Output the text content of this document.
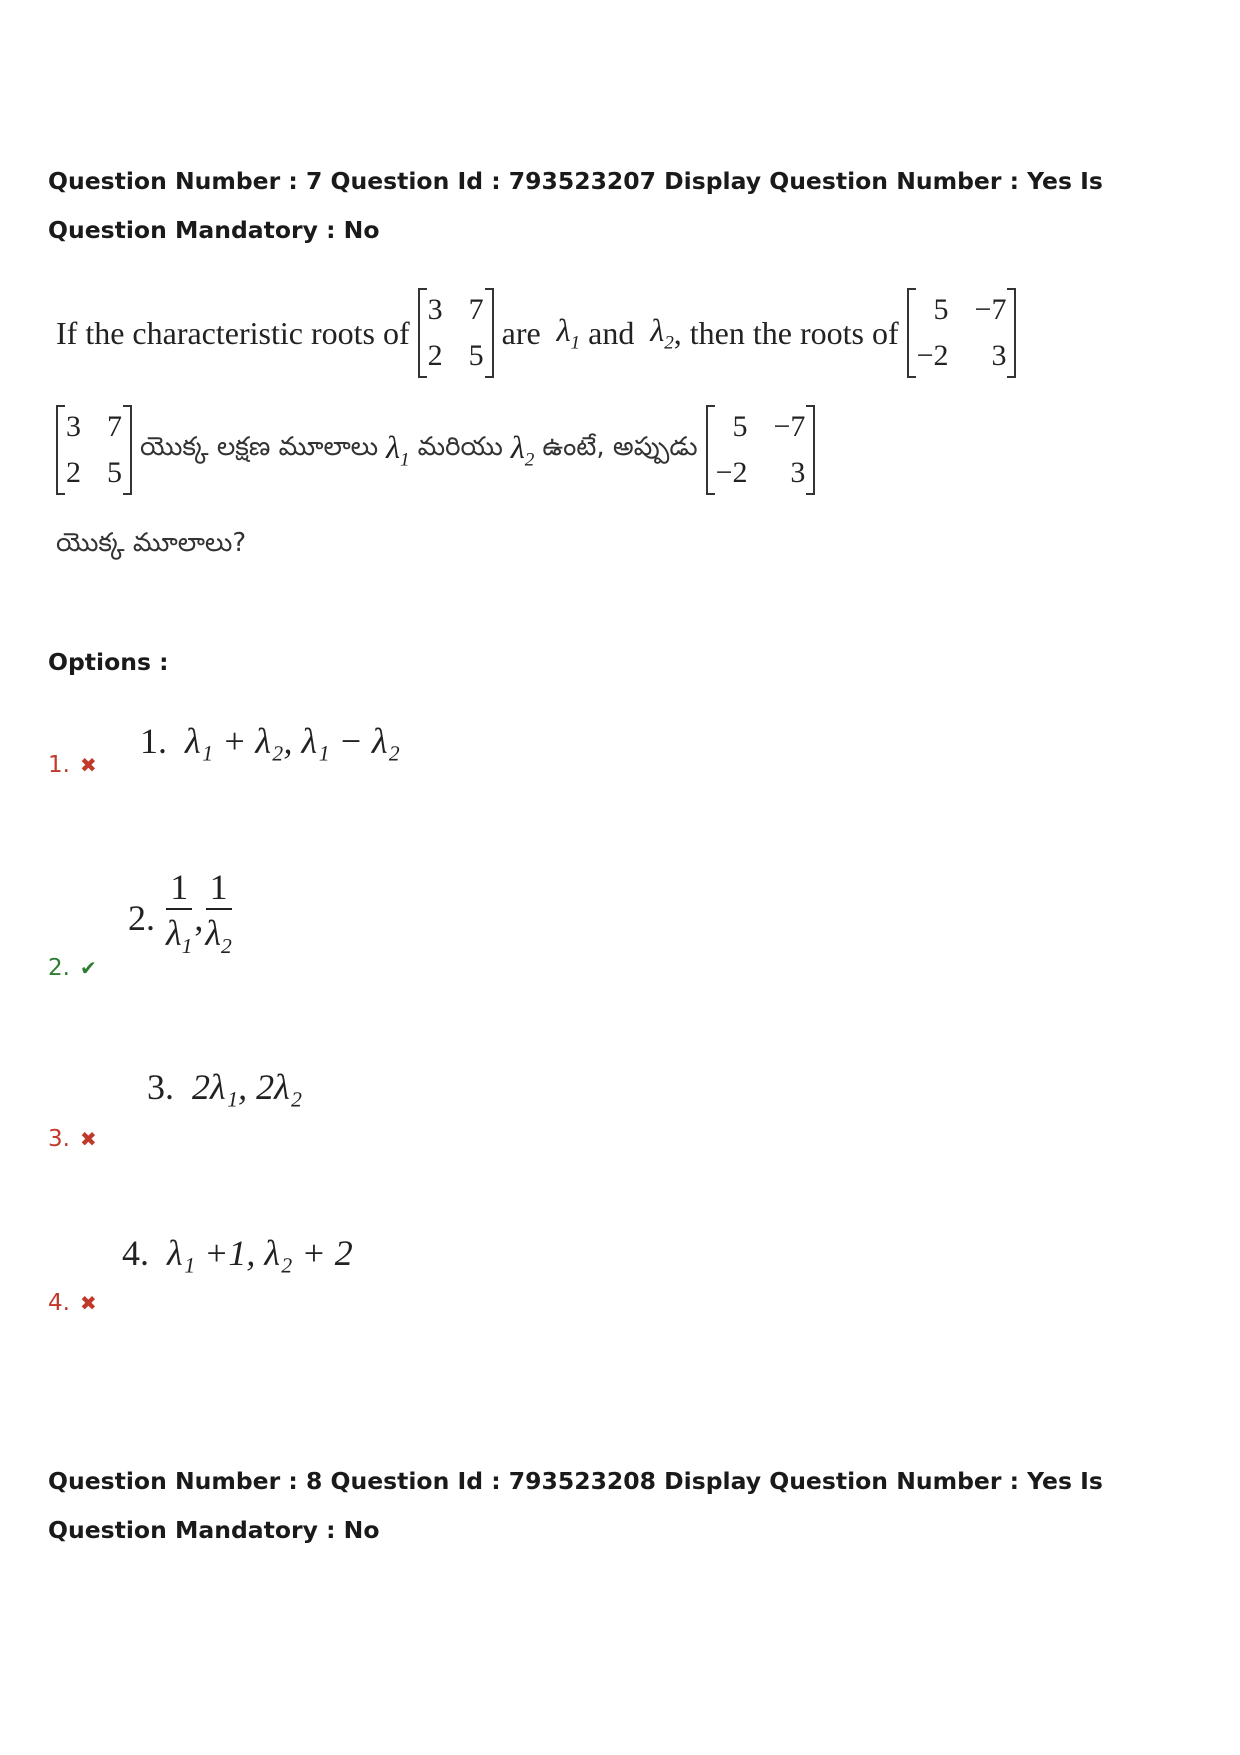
Question Number : 7 Question Id : 793523207 Display Question Number : Yes Is Question Mandatory : No
If the characteristic roots of
3 7
2 5
are
$\lambda_1$
and
$\lambda_2$ , then the roots of
5 −7
−2	3
3 7
2 5
యొక్క లక్షణ మూలాలు
$\lambda_1$
మరియు
$\lambda_2$
ఉంటే, అప్పుడు
5 −7
−2	3
యొక్క మూలాలు?
Options :
1.
λ₁ + λ₂, λ₁ − λ₂
1. ✖
2.
$\frac{1}{\lambda_1}$ , $\frac{1}{\lambda_2}$
2. ✔
3.
2λ₁, 2λ₂
3. ✖
4.
λ₁ +1, λ₂ + 2
4. ✖
Question Number : 8 Question Id : 793523208 Display Question Number : Yes Is Question Mandatory : No
